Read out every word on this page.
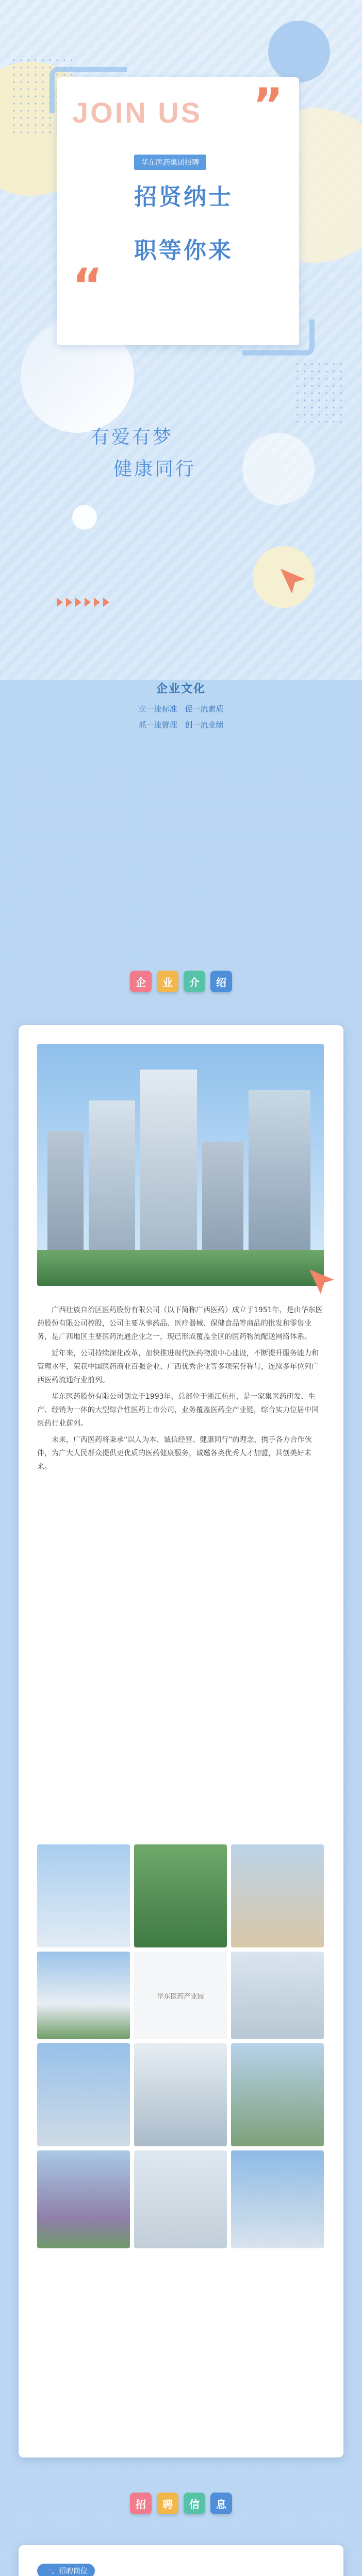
JOIN US ”
华东医药集团招聘
招贤纳士
职等你来
“
有爱有梦
健康同行
企业文化
立一流标准　促一流素质
抓一流管理　创一流业绩
企	业	介	绍

广西壮族自治区医药股份有限公司（以下简称广西医药）成立于1951年，是由华东医药股份有限公司控股，公司主要从事药品、医疗器械、保健食品等商品的批发和零售业务，是广西地区主要医药流通企业之一，现已形成覆盖全区的医药物流配送网络体系。

近年来，公司持续深化改革，加快推进现代医药物流中心建设，不断提升服务能力和管理水平，荣获中国医药商业百强企业、广西优秀企业等多项荣誉称号，连续多年位列广西医药流通行业前列。

华东医药股份有限公司创立于1993年，总部位于浙江杭州，是一家集医药研发、生产、经销为一体的大型综合性医药上市公司，业务覆盖医药全产业链，综合实力位居中国医药行业前列。

未来，广西医药将秉承“以人为本、诚信经营、健康同行”的理念，携手各方合作伙伴，为广大人民群众提供更优质的医药健康服务，诚邀各类优秀人才加盟，共创美好未来。

华东医药产业园
招	聘	信	息
一、招聘岗位
